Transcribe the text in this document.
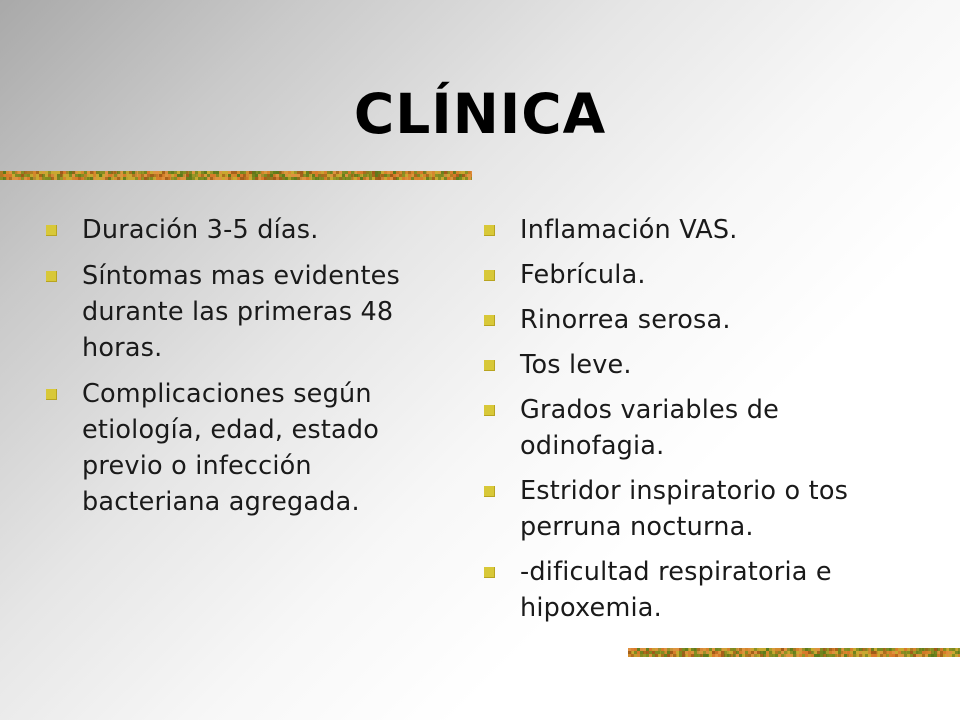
CLÍNICA
Duración 3-5 días.
Síntomas mas evidentes durante las primeras 48 horas.
Complicaciones según etiología, edad, estado previo o infección bacteriana agregada.
Inflamación VAS.
Febrícula.
Rinorrea serosa.
Tos leve.
Grados variables de odinofagia.
Estridor inspiratorio o tos perruna nocturna.
-dificultad respiratoria e hipoxemia.
